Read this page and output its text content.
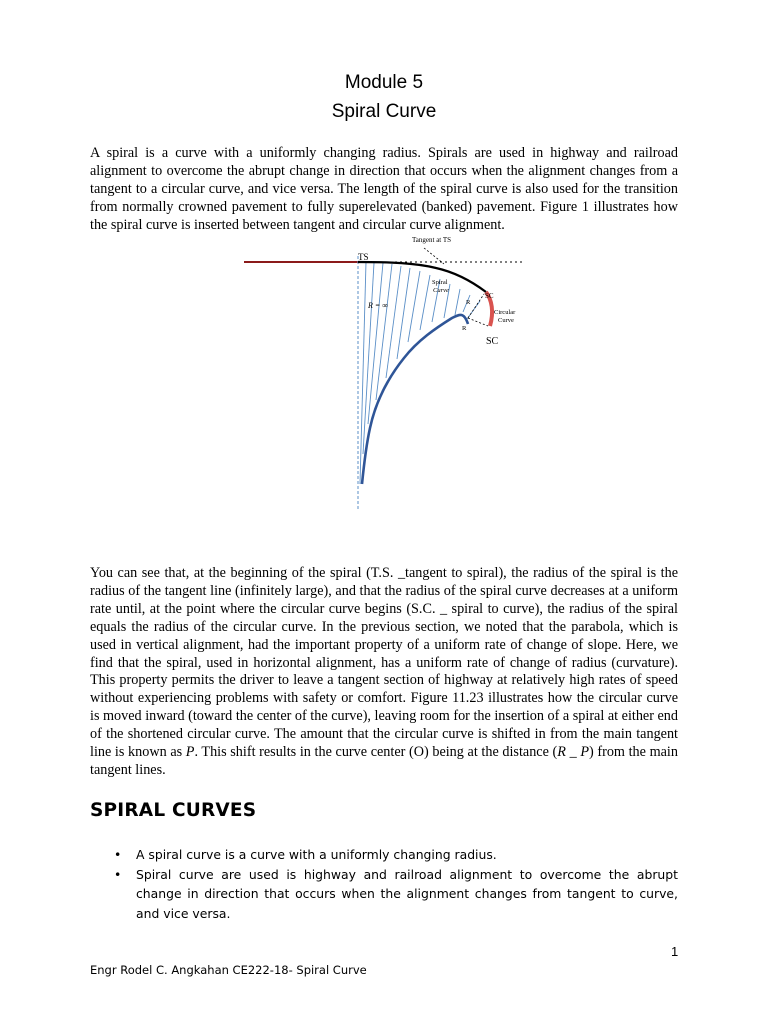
Module 5
Spiral Curve

A spiral is a curve with a uniformly changing radius. Spirals are used in highway and railroad alignment to overcome the abrupt change in direction that occurs when the alignment changes from a tangent to a circular curve, and vice versa. The length of the spiral curve is also used for the transition from normally crowned pavement to fully superelevated (banked) pavement. Figure 1 illustrates how the spiral curve is inserted between tangent and circular curve alignment.

Tangent at TS
TS
Spiral
Curve
R = ∞
SC
R
R
Circular
Curve
SC

You can see that, at the beginning of the spiral (T.S. _tangent to spiral), the radius of the spiral is the radius of the tangent line (infinitely large), and that the radius of the spiral curve decreases at a uniform rate until, at the point where the circular curve begins (S.C. _ spiral to curve), the radius of the spiral equals the radius of the circular curve. In the previous section, we noted that the parabola, which is used in vertical alignment, had the important property of a uniform rate of change of slope. Here, we find that the spiral, used in horizontal alignment, has a uniform rate of change of radius (curvature). This property permits the driver to leave a tangent section of highway at relatively high rates of speed without experiencing problems with safety or comfort. Figure 11.23 illustrates how the circular curve is moved inward (toward the center of the curve), leaving room for the insertion of a spiral at either end of the shortened circular curve. The amount that the circular curve is shifted in from the main tangent line is known as P. This shift results in the curve center (O) being at the distance (R _ P) from the main tangent lines.

SPIRAL CURVES
• A spiral curve is a curve with a uniformly changing radius.
• Spiral curve are used is highway and railroad alignment to overcome the abrupt change in direction that occurs when the alignment changes from tangent to curve, and vice versa.
1
Engr Rodel C. Angkahan CE222-18- Spiral Curve
